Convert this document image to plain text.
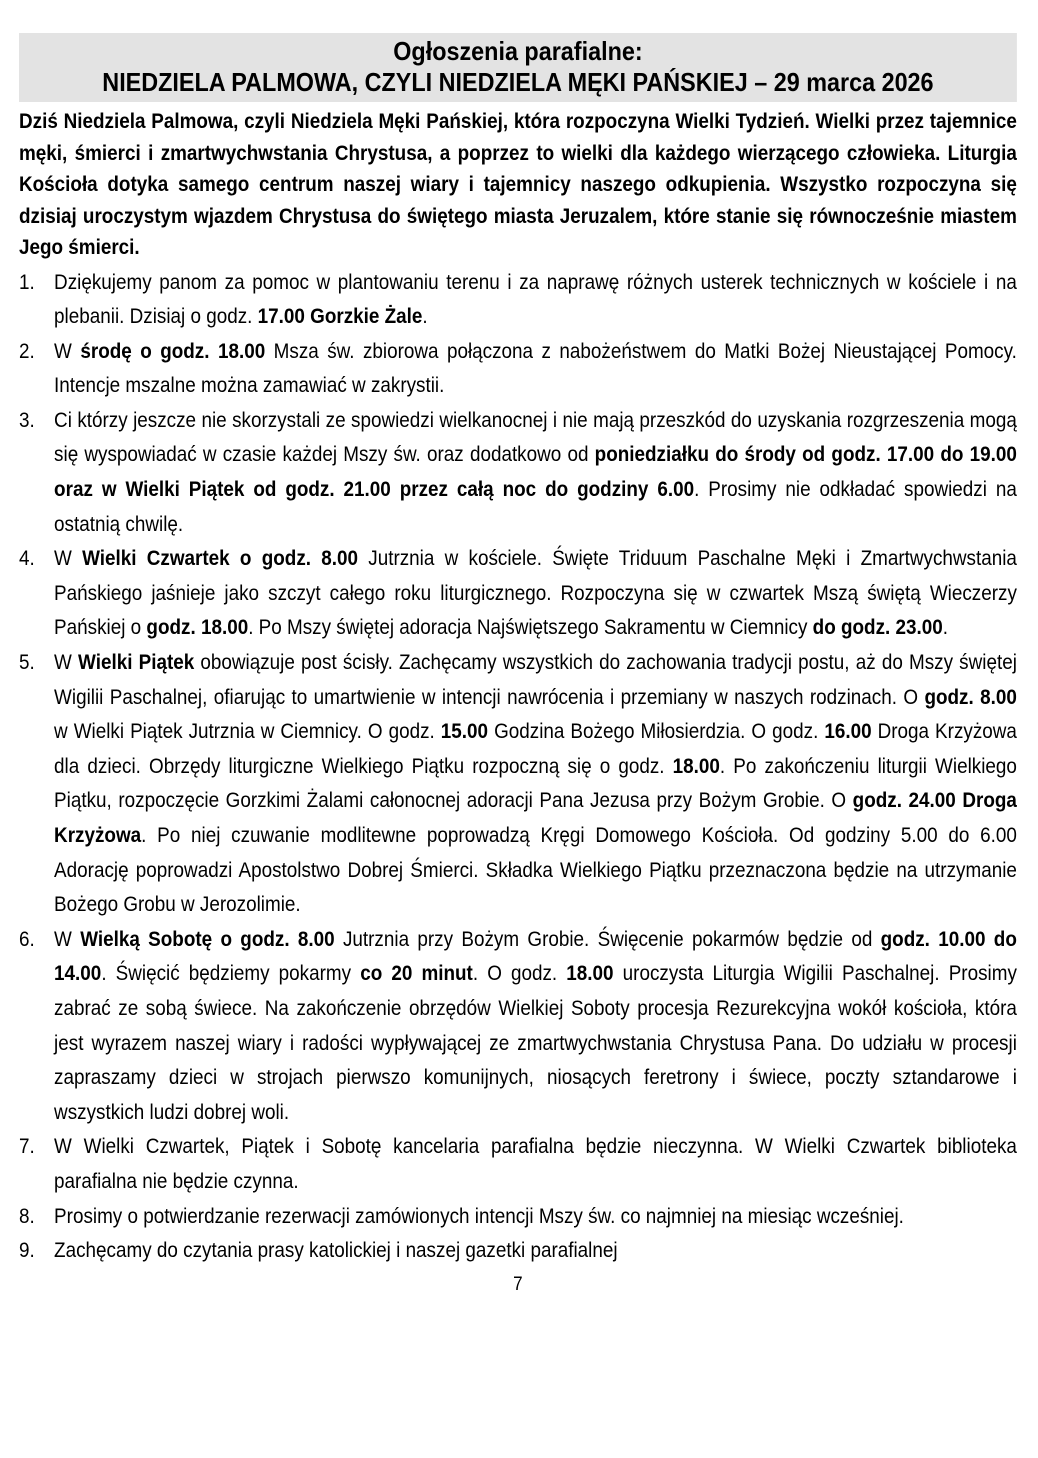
Ogłoszenia parafialne:
NIEDZIELA PALMOWA, CZYLI NIEDZIELA MĘKI PAŃSKIEJ – 29 marca 2026

Dziś Niedziela Palmowa, czyli Niedziela Męki Pańskiej, która rozpoczyna Wielki Tydzień. Wielki przez tajemnice męki, śmierci i zmartwychwstania Chrystusa, a poprzez to wielki dla każdego wierzącego człowieka. Liturgia Kościoła dotyka samego centrum naszej wiary i tajemnicy naszego odkupienia. Wszystko rozpoczyna się dzisiaj uroczystym wjazdem Chrystusa do świętego miasta Jeruzalem, które stanie się równocześnie miastem Jego śmierci.

1. Dziękujemy panom za pomoc w plantowaniu terenu i za naprawę różnych usterek technicznych w kościele i na plebanii. Dzisiaj o godz. 17.00 Gorzkie Żale.
2. W środę o godz. 18.00 Msza św. zbiorowa połączona z nabożeństwem do Matki Bożej Nieustającej Pomocy. Intencje mszalne można zamawiać w zakrystii.
3. Ci którzy jeszcze nie skorzystali ze spowiedzi wielkanocnej i nie mają przeszkód do uzyskania rozgrzeszenia mogą się wyspowiadać w czasie każdej Mszy św. oraz dodatkowo od poniedziałku do środy od godz. 17.00 do 19.00 oraz w Wielki Piątek od godz. 21.00 przez całą noc do godziny 6.00. Prosimy nie odkładać spowiedzi na ostatnią chwilę.
4. W Wielki Czwartek o godz. 8.00 Jutrznia w kościele. Święte Triduum Paschalne Męki i Zmartwychwstania Pańskiego jaśnieje jako szczyt całego roku liturgicznego. Rozpoczyna się w czwartek Mszą świętą Wieczerzy Pańskiej o godz. 18.00. Po Mszy świętej adoracja Najświętszego Sakramentu w Ciemnicy do godz. 23.00.
5. W Wielki Piątek obowiązuje post ścisły. Zachęcamy wszystkich do zachowania tradycji postu, aż do Mszy świętej Wigilii Paschalnej, ofiarując to umartwienie w intencji nawrócenia i przemiany w naszych rodzinach. O godz. 8.00 w Wielki Piątek Jutrznia w Ciemnicy. O godz. 15.00 Godzina Bożego Miłosierdzia. O godz. 16.00 Droga Krzyżowa dla dzieci. Obrzędy liturgiczne Wielkiego Piątku rozpoczną się o godz. 18.00. Po zakończeniu liturgii Wielkiego Piątku, rozpoczęcie Gorzkimi Żalami całonocnej adoracji Pana Jezusa przy Bożym Grobie. O godz. 24.00 Droga Krzyżowa. Po niej czuwanie modlitewne poprowadzą Kręgi Domowego Kościoła. Od godziny 5.00 do 6.00 Adorację poprowadzi Apostolstwo Dobrej Śmierci. Składka Wielkiego Piątku przeznaczona będzie na utrzymanie Bożego Grobu w Jerozolimie.
6. W Wielką Sobotę o godz. 8.00 Jutrznia przy Bożym Grobie. Święcenie pokarmów będzie od godz. 10.00 do 14.00. Święcić będziemy pokarmy co 20 minut. O godz. 18.00 uroczysta Liturgia Wigilii Paschalnej. Prosimy zabrać ze sobą świece. Na zakończenie obrzędów Wielkiej Soboty procesja Rezurekcyjna wokół kościoła, która jest wyrazem naszej wiary i radości wypływającej ze zmartwychwstania Chrystusa Pana. Do udziału w procesji zapraszamy dzieci w strojach pierwszo komunijnych, niosących feretrony i świece, poczty sztandarowe i wszystkich ludzi dobrej woli.
7. W Wielki Czwartek, Piątek i Sobotę kancelaria parafialna będzie nieczynna. W Wielki Czwartek biblioteka parafialna nie będzie czynna.
8. Prosimy o potwierdzanie rezerwacji zamówionych intencji Mszy św. co najmniej na miesiąc wcześniej.
9. Zachęcamy do czytania prasy katolickiej i naszej gazetki parafialnej
7
